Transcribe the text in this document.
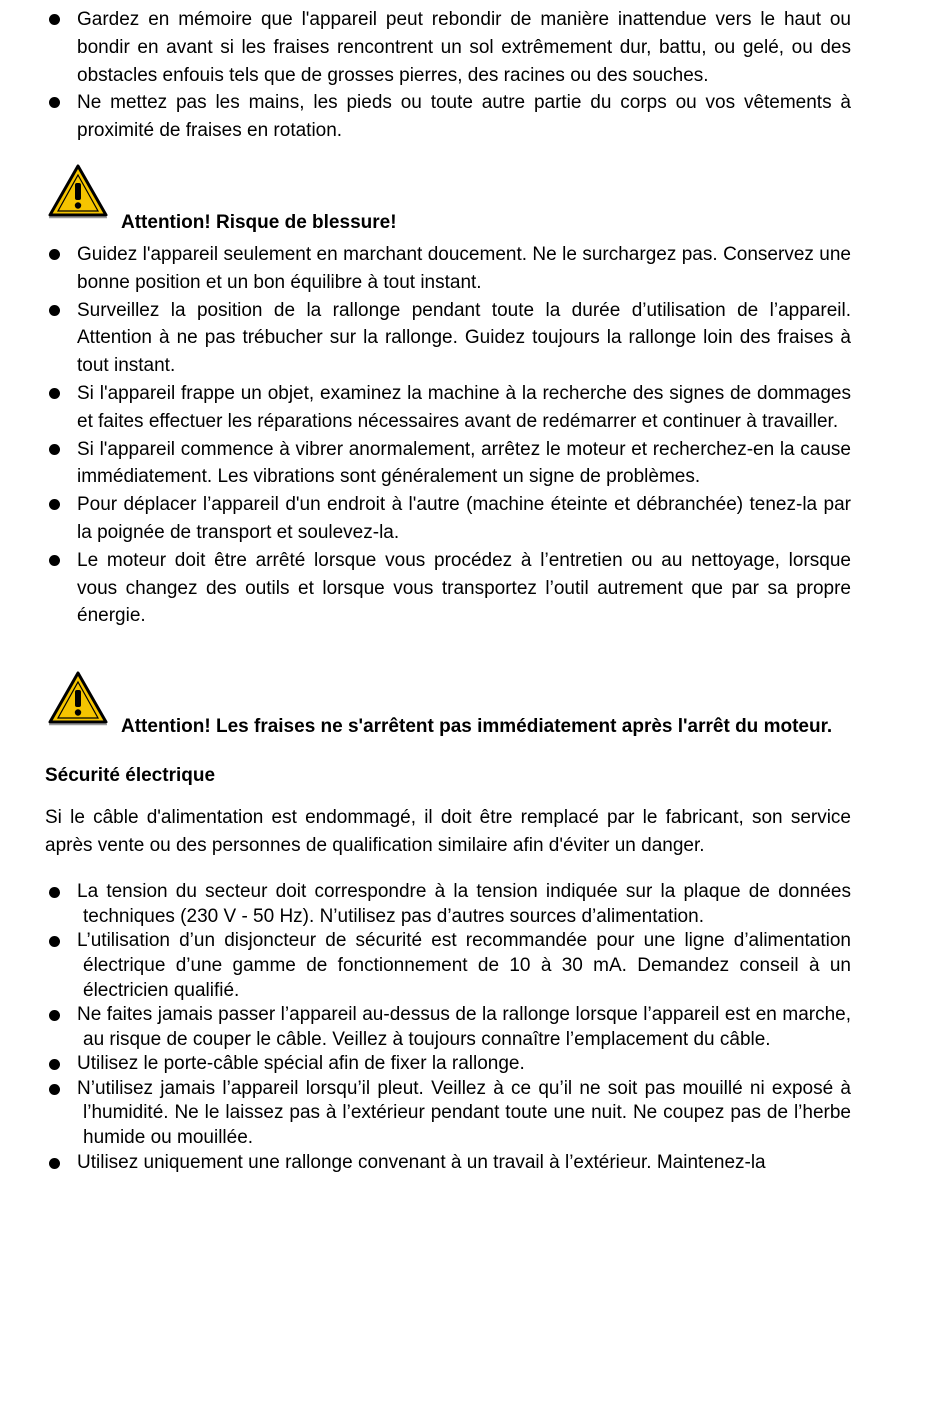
Gardez en mémoire que l'appareil peut rebondir de manière inattendue vers le haut ou bondir en avant si les fraises rencontrent un sol extrêmement dur, battu, ou gelé, ou des obstacles enfouis tels que de grosses pierres, des racines ou des souches.
Ne mettez pas les mains, les pieds ou toute autre partie du corps ou vos vêtements à proximité de fraises en rotation.
Attention! Risque de blessure!
Guidez l'appareil seulement en marchant doucement. Ne le surchargez pas. Conservez une bonne position et un bon équilibre à tout instant.
Surveillez la position de la rallonge pendant toute la durée d’utilisation de l’appareil. Attention à ne pas trébucher sur la rallonge. Guidez toujours la rallonge loin des fraises à tout instant.
Si l'appareil frappe un objet, examinez la machine à la recherche des signes de dommages et faites effectuer les réparations nécessaires avant de redémarrer et continuer à travailler.
Si l'appareil commence à vibrer anormalement, arrêtez le moteur et recherchez-en la cause immédiatement. Les vibrations sont généralement un signe de problèmes.
Pour déplacer l’appareil d'un endroit à l'autre (machine éteinte et débranchée) tenez-la par la poignée de transport et soulevez-la.
Le moteur doit être arrêté lorsque vous procédez à l’entretien ou au nettoyage, lorsque vous changez des outils et lorsque vous transportez l’outil autrement que par sa propre énergie.
Attention! Les fraises ne s'arrêtent pas immédiatement après l'arrêt du moteur.
Sécurité électrique
Si le câble d'alimentation est endommagé, il doit être remplacé par le fabricant, son service après vente ou des personnes de qualification similaire afin d'éviter un danger.
La tension du secteur doit correspondre à la tension indiquée sur la plaque de données techniques (230 V - 50 Hz). N’utilisez pas d’autres sources d’alimentation.
L’utilisation d’un disjoncteur de sécurité est recommandée pour une ligne d’alimentation électrique d’une gamme de fonctionnement de 10 à 30 mA. Demandez conseil à un électricien qualifié.
Ne faites jamais passer l’appareil au-dessus de la rallonge lorsque l’appareil est en marche, au risque de couper le câble. Veillez à toujours connaître l’emplacement du câble.
Utilisez le porte-câble spécial afin de fixer la rallonge.
N’utilisez jamais l’appareil lorsqu’il pleut. Veillez à ce qu’il ne soit pas mouillé ni exposé à l’humidité. Ne le laissez pas à l’extérieur pendant toute une nuit. Ne coupez pas de l’herbe humide ou mouillée.
Utilisez uniquement une rallonge convenant à un travail à l’extérieur. Maintenez-la
